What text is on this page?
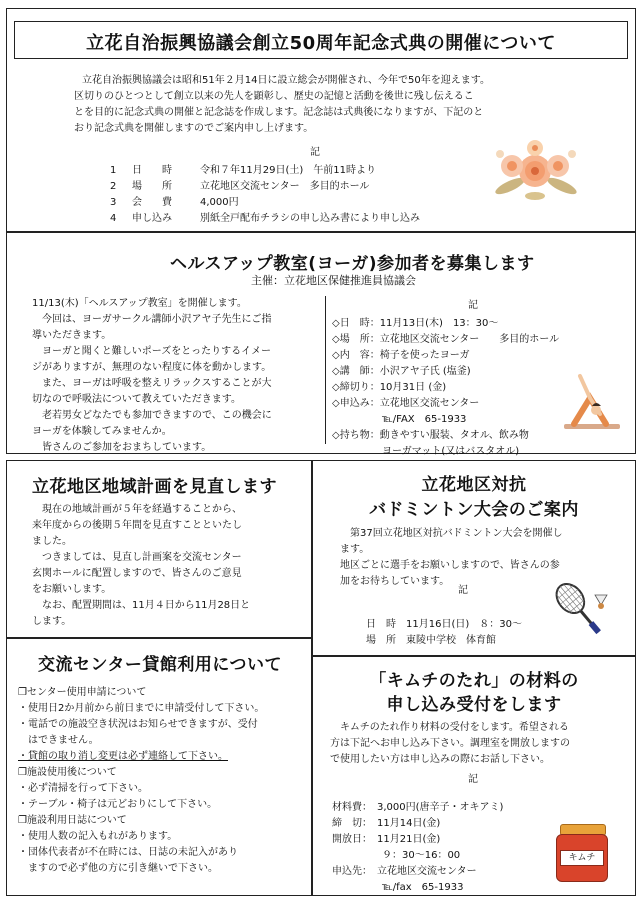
立花自治振興協議会創立50周年記念式典の開催について
立花自治振興協議会は昭和51年２月14日に設立総会が開催され、今年で50年を迎えます。
区切りのひとつとして創立以来の先人を顕彰し、歴史の記憶と活動を後世に残し伝えるこ
とを目的に記念式典の開催と記念誌を作成します。記念誌は式典後になりますが、下記のと
おり記念式典を開催しますのでご案内申し上げます。
記
1 日　　時	令和７年11月29日(土)　午前11時より
2 場　　所	立花地区交流センター　多目的ホール
3 会　　費	4,000円
4 申し込み	別紙全戸配布チラシの申し込み書により申し込み
ヘルスアップ教室(ヨーガ)参加者を募集します
主催：立花地区保健推進員協議会
11/13(木)「ヘルスアップ教室」を開催します。
　今回は、ヨーガサークル講師小沢アヤ子先生にご指
導いただきます。
　ヨーガと聞くと難しいポーズをとったりするイメー
ジがありますが、無理のない程度に体を動かします。
　また、ヨーガは呼吸を整えリラックスすることが大
切なので呼吸法について教えていただきます。
　老若男女どなたでも参加できますので、この機会に
ヨーガを体験してみませんか。
　皆さんのご参加をおまちしています。
記
◇日　時：11月13日(木)　13：30～
◇場　所：立花地区交流センター　　多目的ホール
◇内　容：椅子を使ったヨーガ
◇講　師：小沢アヤ子氏 (塩釜)
◇締切り：10月31日 (金)
◇申込み：立花地区交流センター
　　　　　℡/FAX　65-1933
◇持ち物：動きやすい服装、タオル、飲み物
　　　　　ヨーガマット(又はバスタオル)
立花地区地域計画を見直します
　現在の地域計画が５年を経過することから、
来年度からの後期５年間を見直すことといたし
ました。
　つきましては、見直し計画案を交流センター
玄関ホールに配置しますので、皆さんのご意見
をお願いします。
　なお、配置期間は、11月４日から11月28日と
します。
立花地区対抗
バドミントン大会のご案内
　第37回立花地区対抗バドミントン大会を開催し
ます。
地区ごとに選手をお願いしますので、皆さんの参
加をお待ちしています。
記
日　時　11月16日(日)　８：30～
場　所　東陵中学校　体育館
交流センター貸館利用について
❐センター使用申請について
・使用日2か月前から前日までに申請受付して下さい。
・電話での施設空き状況はお知らせできますが、受付
　はできません。
・貸館の取り消し変更は必ず連絡して下さい。
❐施設使用後について
・必ず清掃を行って下さい。
・テーブル・椅子は元どおりにして下さい。
❐施設利用日誌について
・使用人数の記入もれがあります。
・団体代表者が不在時には、日誌の未記入があり
　ますので必ず他の方に引き継いで下さい。
「キムチのたれ」の材料の
申し込み受付をします
　キムチのたれ作り材料の受付をします。希望される
方は下記へお申し込み下さい。調理室を開放しますの
で使用したい方は申し込みの際にお話し下さい。
記
材料費：　3,000円(唐辛子・オキアミ)
締　切：　11月14日(金)
開放日：　11月21日(金)
　　　　　９：30～16：00
申込先：　立花地区交流センター
　　　　　℡/fax　65-1933
キムチ
